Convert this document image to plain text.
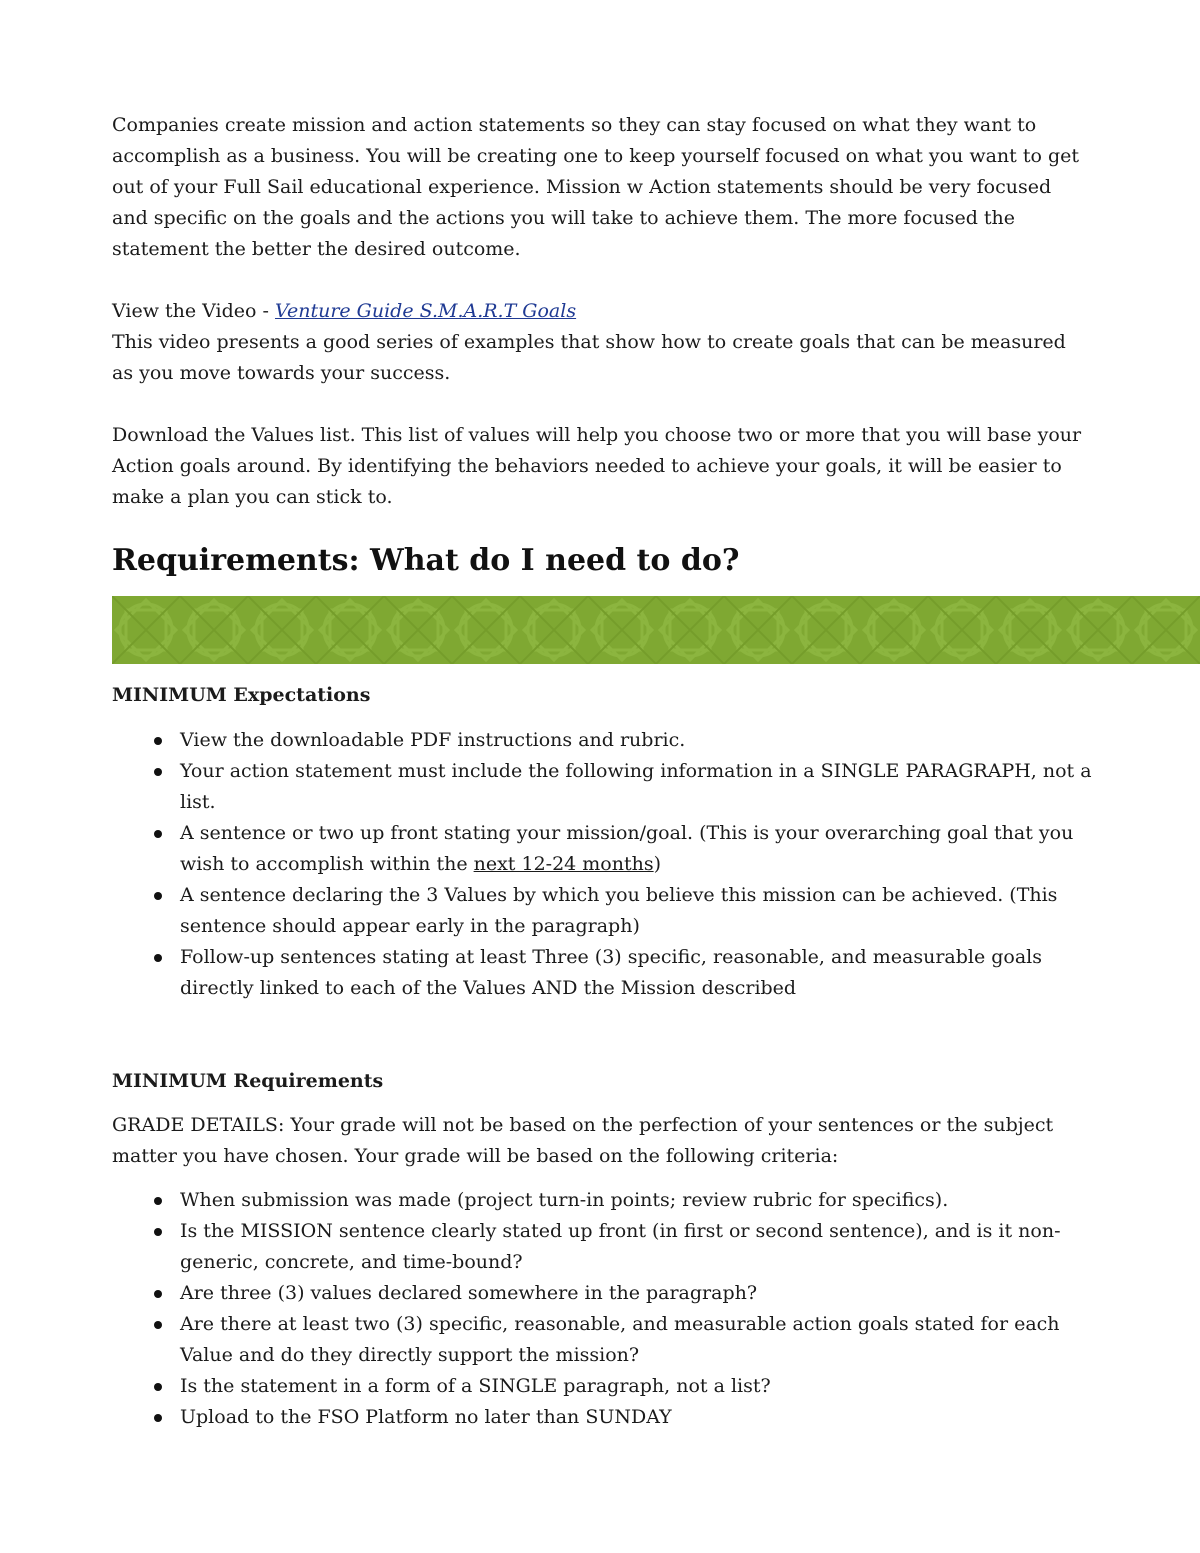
Companies create mission and action statements so they can stay focused on what they want to accomplish as a business. You will be creating one to keep yourself focused on what you want to get out of your Full Sail educational experience. Mission w Action statements should be very focused and specific on the goals and the actions you will take to achieve them. The more focused the statement the better the desired outcome.

View the Video - Venture Guide S.M.A.R.T Goals

This video presents a good series of examples that show how to create goals that can be measured as you move towards your success.

Download the Values list. This list of values will help you choose two or more that you will base your Action goals around. By identifying the behaviors needed to achieve your goals, it will be easier to make a plan you can stick to.

Requirements: What do I need to do?
MINIMUM Expectations
View the downloadable PDF instructions and rubric.
Your action statement must include the following information in a SINGLE PARAGRAPH, not a list.
A sentence or two up front stating your mission/goal. (This is your overarching goal that you wish to accomplish within the next 12-24 months)
A sentence declaring the 3 Values by which you believe this mission can be achieved. (This sentence should appear early in the paragraph)
Follow-up sentences stating at least Three (3) specific, reasonable, and measurable goals directly linked to each of the Values AND the Mission described
MINIMUM Requirements

GRADE DETAILS: Your grade will not be based on the perfection of your sentences or the subject matter you have chosen. Your grade will be based on the following criteria:

When submission was made (project turn-in points; review rubric for specifics).
Is the MISSION sentence clearly stated up front (in first or second sentence), and is it non-generic, concrete, and time-bound?
Are three (3) values declared somewhere in the paragraph?
Are there at least two (3) specific, reasonable, and measurable action goals stated for each Value and do they directly support the mission?
Is the statement in a form of a SINGLE paragraph, not a list?
Upload to the FSO Platform no later than SUNDAY
